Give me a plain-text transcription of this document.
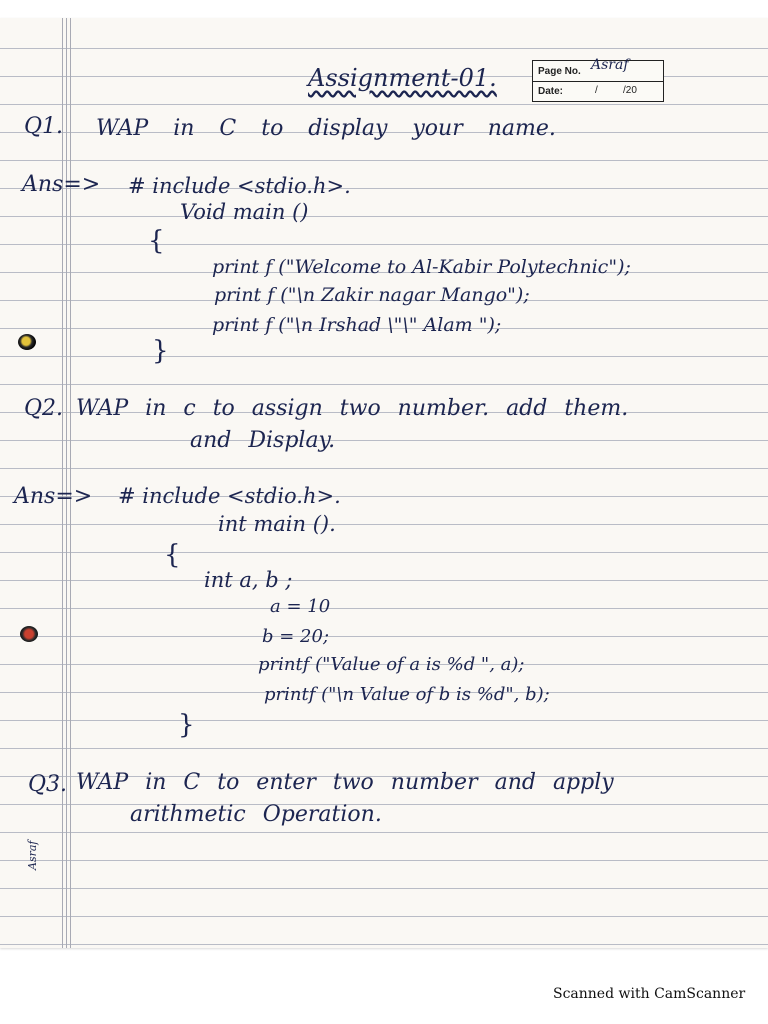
Page No. Asraf
Date:	/	/20
Assignment-01.
Q1. WAP in C to display your name.
Ans=> # include <stdio.h>.
Void main ()
{
print f ("Welcome to Al-Kabir Polytechnic");
print f ("\n Zakir nagar Mango");
print f ("\n Irshad \"\" Alam ");
}
Q2. WAP in c to assign two number. add them.
and Display.
Ans=> # include <stdio.h>.
int main ().
{
int a, b ;
a = 10
b = 20;
printf ("Value of a is %d ", a);
printf ("\n Value of b is %d", b);
}
Q3. WAP in C to enter two number and apply
arithmetic Operation.
Asraf
Scanned with CamScanner
